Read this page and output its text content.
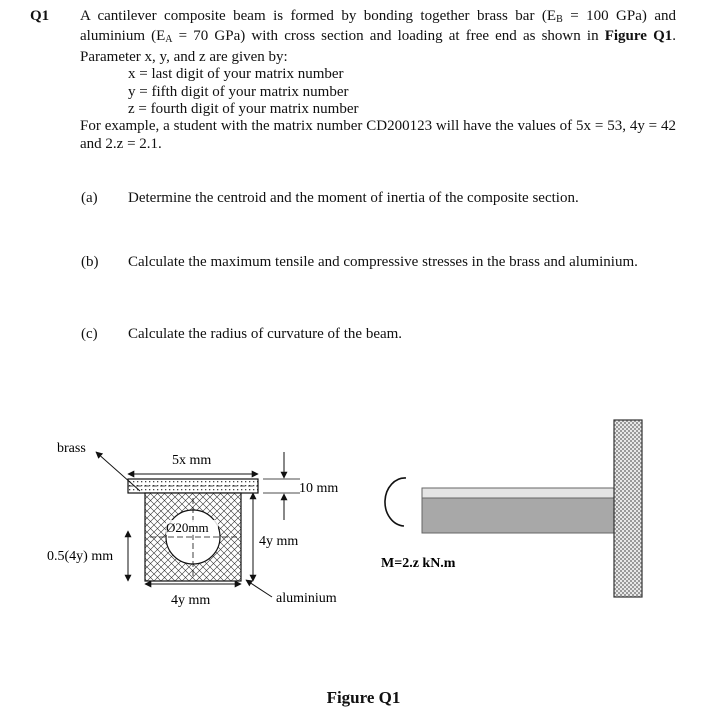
Q1 A cantilever composite beam is formed by bonding together brass bar ($E_B = 100$ GPa) and aluminium ($E_A = 70$ GPa) with cross section and loading at free end as shown in Figure Q1. Parameter x, y, and z are given by:
x = last digit of your matrix number
y = fifth digit of your matrix number
z = fourth digit of your matrix number
For example, a student with the matrix number CD200123 will have the values of 5x = 53, 4y = 42 and 2.z = 2.1.
(a) Determine the centroid and the moment of inertia of the composite section.
(b) Calculate the maximum tensile and compressive stresses in the brass and aluminium.
(c) Calculate the radius of curvature of the beam.
brass
5x mm
10 mm
Ø20mm
4y mm
0.5(4y) mm
4y mm	aluminium
M=2.z kN.m
Figure Q1
